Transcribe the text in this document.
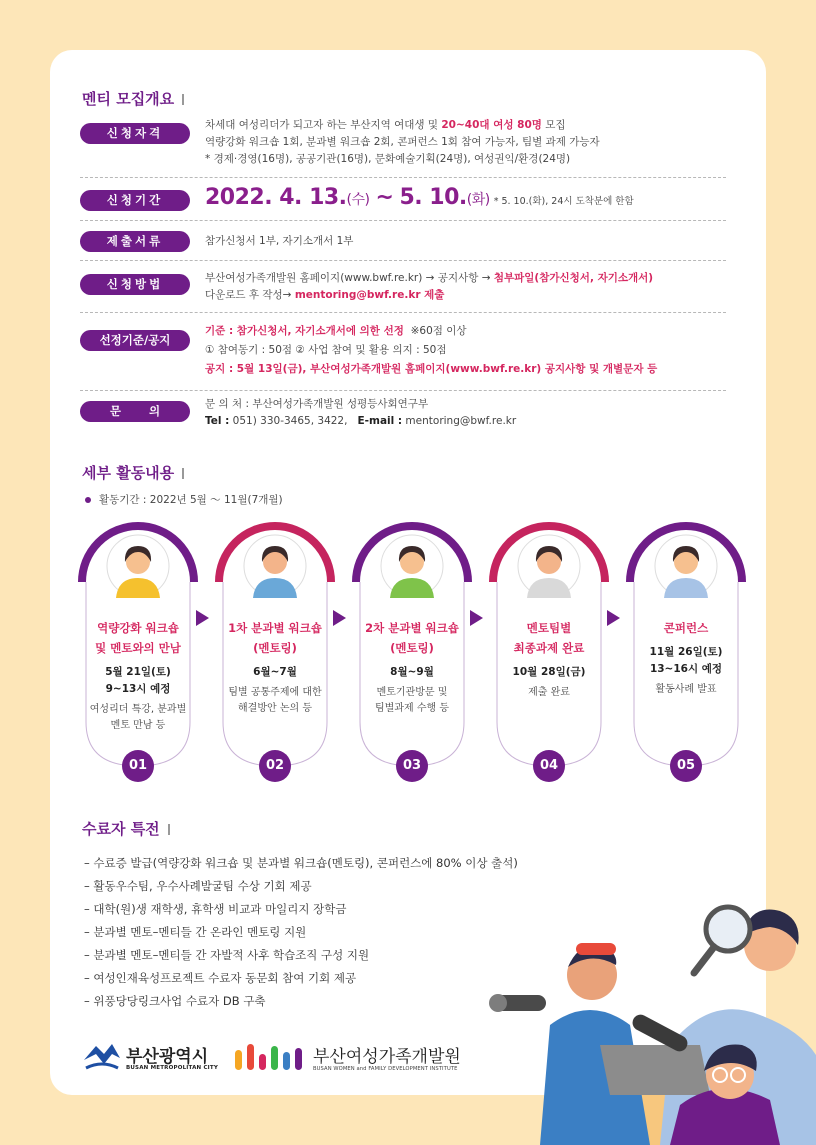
멘티 모집개요
신청자격
차세대 여성리더가 되고자 하는 부산지역 여대생 및 20~40대 여성 80명 모집
역량강화 워크숍 1회, 분과별 워크숍 2회, 콘퍼런스 1회 참여 가능자, 팀별 과제 가능자
* 경제·경영(16명), 공공기관(16명), 문화예술기획(24명), 여성권익/환경(24명)
신청기간	2022. 4. 13.(수) ~ 5. 10.(화) * 5. 10.(화), 24시 도착분에 한함
제출서류	참가신청서 1부, 자기소개서 1부
신청방법	부산여성가족개발원 홈페이지(www.bwf.re.kr) → 공지사항 → 첨부파일(참가신청서, 자기소개서)
다운로드 후 작성→ mentoring@bwf.re.kr 제출
선정기준/공지
기준 : 참가신청서, 자기소개서에 의한 선정 ※60점 이상
① 참여동기 : 50점 ② 사업 참여 및 활용 의지 : 50점
공지 : 5월 13일(금), 부산여성가족개발원 홈페이지(www.bwf.re.kr) 공지사항 및 개별문자 등
문의 문 의 처 : 부산여성가족개발원 성평등사회연구부
Tel : 051) 330-3465, 3422, E-mail : mentoring@bwf.re.kr
세부 활동내용
활동기간 : 2022년 5월 ～ 11월(7개월)
역량강화 워크숍
및 멘토와의 만남
5월 21일(토)
9~13시 예정
여성리더 특강, 분과별
멘토 만남 등
01
1차 분과별 워크숍
(멘토링)
6월~7월
팀별 공통주제에 대한
해결방안 논의 등
02
2차 분과별 워크숍
(멘토링)
8월~9월
멘토기관방문 및
팀별과제 수행 등
03
멘토팀별
최종과제 완료
10월 28일(금)
제출 완료
04
콘퍼런스
11월 26일(토)
13~16시 예정
활동사례 발표
05
수료자 특전
– 수료증 발급(역량강화 워크숍 및 분과별 워크숍(멘토링), 콘퍼런스에 80% 이상 출석)
– 활동우수팀, 우수사례발굴팀 수상 기회 제공
– 대학(원)생 재학생, 휴학생 비교과 마일리지 장학금
– 분과별 멘토–멘티들 간 온라인 멘토링 지원
– 분과별 멘토–멘티들 간 자발적 사후 학습조직 구성 지원
– 여성인재육성프로젝트 수료자 동문회 참여 기회 제공
– 위풍당당링크사업 수료자 DB 구축
부산광역시
BUSAN METROPOLITAN CITY
부산여성가족개발원
BUSAN WOMEN and FAMILY DEVELOPMENT INSTITUTE
